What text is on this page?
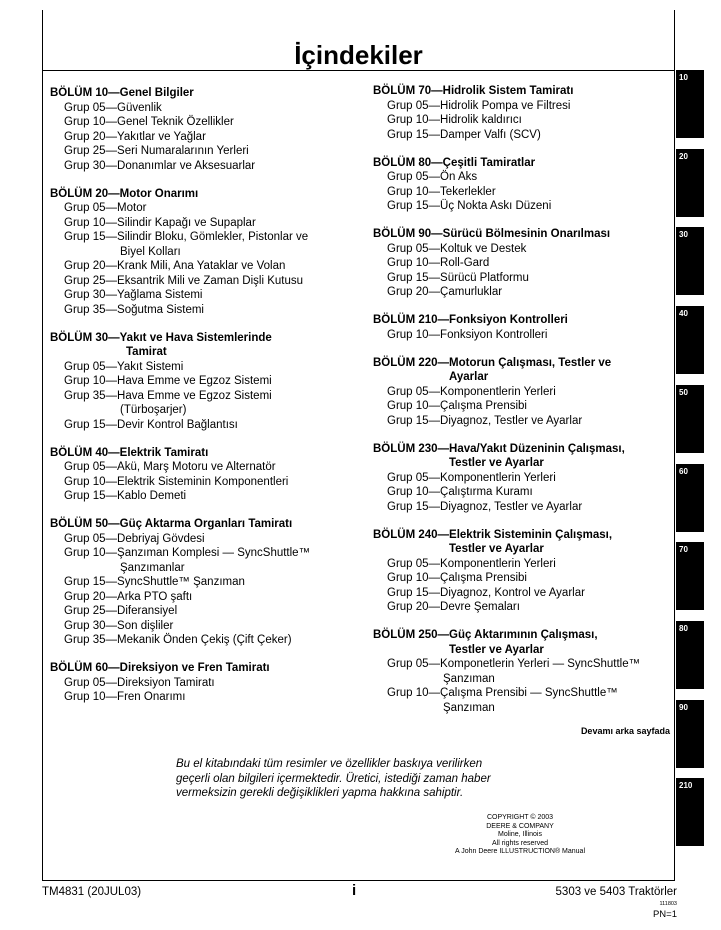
İçindekiler
BÖLÜM 10—Genel Bilgiler
Grup 05—Güvenlik
Grup 10—Genel Teknik Özellikler
Grup 20—Yakıtlar ve Yağlar
Grup 25—Seri Numaralarının Yerleri
Grup 30—Donanımlar ve Aksesuarlar
BÖLÜM 20—Motor Onarımı
Grup 05—Motor
Grup 10—Silindir Kapağı ve Supaplar
Grup 15—Silindir Bloku, Gömlekler, Pistonlar ve
Biyel Kolları
Grup 20—Krank Mili, Ana Yataklar ve Volan
Grup 25—Eksantrik Mili ve Zaman Dişli Kutusu
Grup 30—Yağlama Sistemi
Grup 35—Soğutma Sistemi
BÖLÜM 30—Yakıt ve Hava Sistemlerinde
Tamirat
Grup 05—Yakıt Sistemi
Grup 10—Hava Emme ve Egzoz Sistemi
Grup 35—Hava Emme ve Egzoz Sistemi
(Türboşarjer)
Grup 15—Devir Kontrol Bağlantısı
BÖLÜM 40—Elektrik Tamiratı
Grup 05—Akü, Marş Motoru ve Alternatör
Grup 10—Elektrik Sisteminin Komponentleri
Grup 15—Kablo Demeti
BÖLÜM 50—Güç Aktarma Organları Tamiratı
Grup 05—Debriyaj Gövdesi
Grup 10—Şanzıman Komplesi — SyncShuttle™
Şanzımanlar
Grup 15—SyncShuttle™ Şanzıman
Grup 20—Arka PTO şaftı
Grup 25—Diferansiyel
Grup 30—Son dişliler
Grup 35—Mekanik Önden Çekiş (Çift Çeker)
BÖLÜM 60—Direksiyon ve Fren Tamiratı
Grup 05—Direksiyon Tamiratı
Grup 10—Fren Onarımı
BÖLÜM 70—Hidrolik Sistem Tamiratı
Grup 05—Hidrolik Pompa ve Filtresi
Grup 10—Hidrolik kaldırıcı
Grup 15—Damper Valfı (SCV)
BÖLÜM 80—Çeşitli Tamiratlar
Grup 05—Ön Aks
Grup 10—Tekerlekler
Grup 15—Üç Nokta Askı Düzeni
BÖLÜM 90—Sürücü Bölmesinin Onarılması
Grup 05—Koltuk ve Destek
Grup 10—Roll-Gard
Grup 15—Sürücü Platformu
Grup 20—Çamurluklar
BÖLÜM 210—Fonksiyon Kontrolleri
Grup 10—Fonksiyon Kontrolleri
BÖLÜM 220—Motorun Çalışması, Testler ve
Ayarlar
Grup 05—Komponentlerin Yerleri
Grup 10—Çalışma Prensibi
Grup 15—Diyagnoz, Testler ve Ayarlar
BÖLÜM 230—Hava/Yakıt Düzeninin Çalışması,
Testler ve Ayarlar
Grup 05—Komponentlerin Yerleri
Grup 10—Çalıştırma Kuramı
Grup 15—Diyagnoz, Testler ve Ayarlar
BÖLÜM 240—Elektrik Sisteminin Çalışması,
Testler ve Ayarlar
Grup 05—Komponentlerin Yerleri
Grup 10—Çalışma Prensibi
Grup 15—Diyagnoz, Kontrol ve Ayarlar
Grup 20—Devre Şemaları
BÖLÜM 250—Güç Aktarımının Çalışması,
Testler ve Ayarlar
Grup 05—Komponetlerin Yerleri — SyncShuttle™
Şanzıman
Grup 10—Çalışma Prensibi — SyncShuttle™
Şanzıman
Devamı arka sayfada
Bu el kitabındaki tüm resimler ve özellikler baskıya verilirken
geçerli olan bilgileri içermektedir. Üretici, istediği zaman haber
vermeksizin gerekli değişiklikleri yapma hakkına sahiptir.
COPYRIGHT © 2003
DEERE & COMPANY
Moline, Illinois
All rights reserved
A John Deere ILLUSTRUCTION® Manual
10
20
30
40
50
60
70
80
90
210
TM4831 (20JUL03)	i	5303 ve 5403 Traktörler
111803
PN=1
